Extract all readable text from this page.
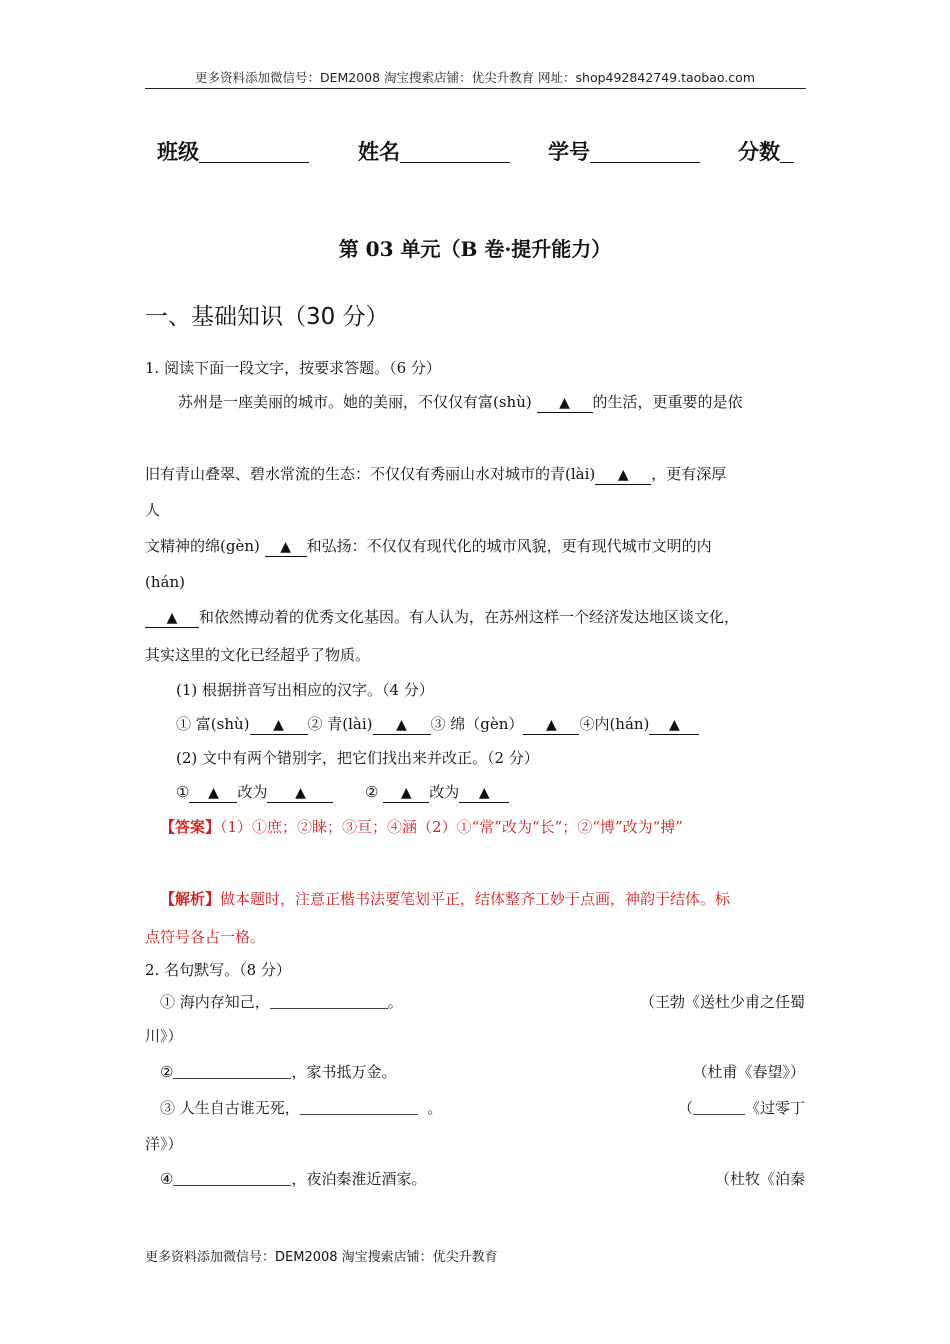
更多资料添加微信号：DEM2008 淘宝搜索店铺：优尖升教育 网址：shop492842749.taobao.com
班级	姓名	学号	分数
第 03 单元（B 卷·提升能力）
一、基础知识（30 分）
1. 阅读下面一段文字，按要求答题。（6 分）
苏州是一座美丽的城市。她的美丽，不仅仅有富(shù) ▲ 的生活，更重要的是依
旧有青山叠翠、碧水常流的生态：不仅仅有秀丽山水对城市的青(lài) ▲ ，更有深厚
人
文精神的绵(gèn) ▲ 和弘扬：不仅仅有现代化的城市风貌，更有现代城市文明的内
(hán)
▲ 和依然博动着的优秀文化基因。有人认为，在苏州这样一个经济发达地区谈文化，
其实这里的文化已经超乎了物质。
(1) 根据拼音写出相应的汉字。（4 分）
① 富(shù) ▲ ② 青(lài) ▲ ③ 绵（gèn） ▲ ④内(hán) ▲
(2) 文中有两个错别字，把它们找出来并改正。（2 分）
① ▲ 改为 ▲	② ▲ 改为 ▲
【答案】（1）①庶；②睐；③亘；④涵（2）①“常”改为“长”；②“博”改为“搏”
【解析】做本题时，注意正楷书法要笔划平正，结体整齐工妙于点画，神韵于结体。标
点符号各占一格。
2. 名句默写。（8 分）
① 海内存知己，	。	（王勃《送杜少甫之任蜀
川》）
②	，家书抵万金。	（杜甫《春望》）
③ 人生自古谁无死，	。	（	《过零丁
洋》）
④	，夜泊秦淮近酒家。	（杜牧《泊秦
更多资料添加微信号：DEM2008 淘宝搜索店铺：优尖升教育
